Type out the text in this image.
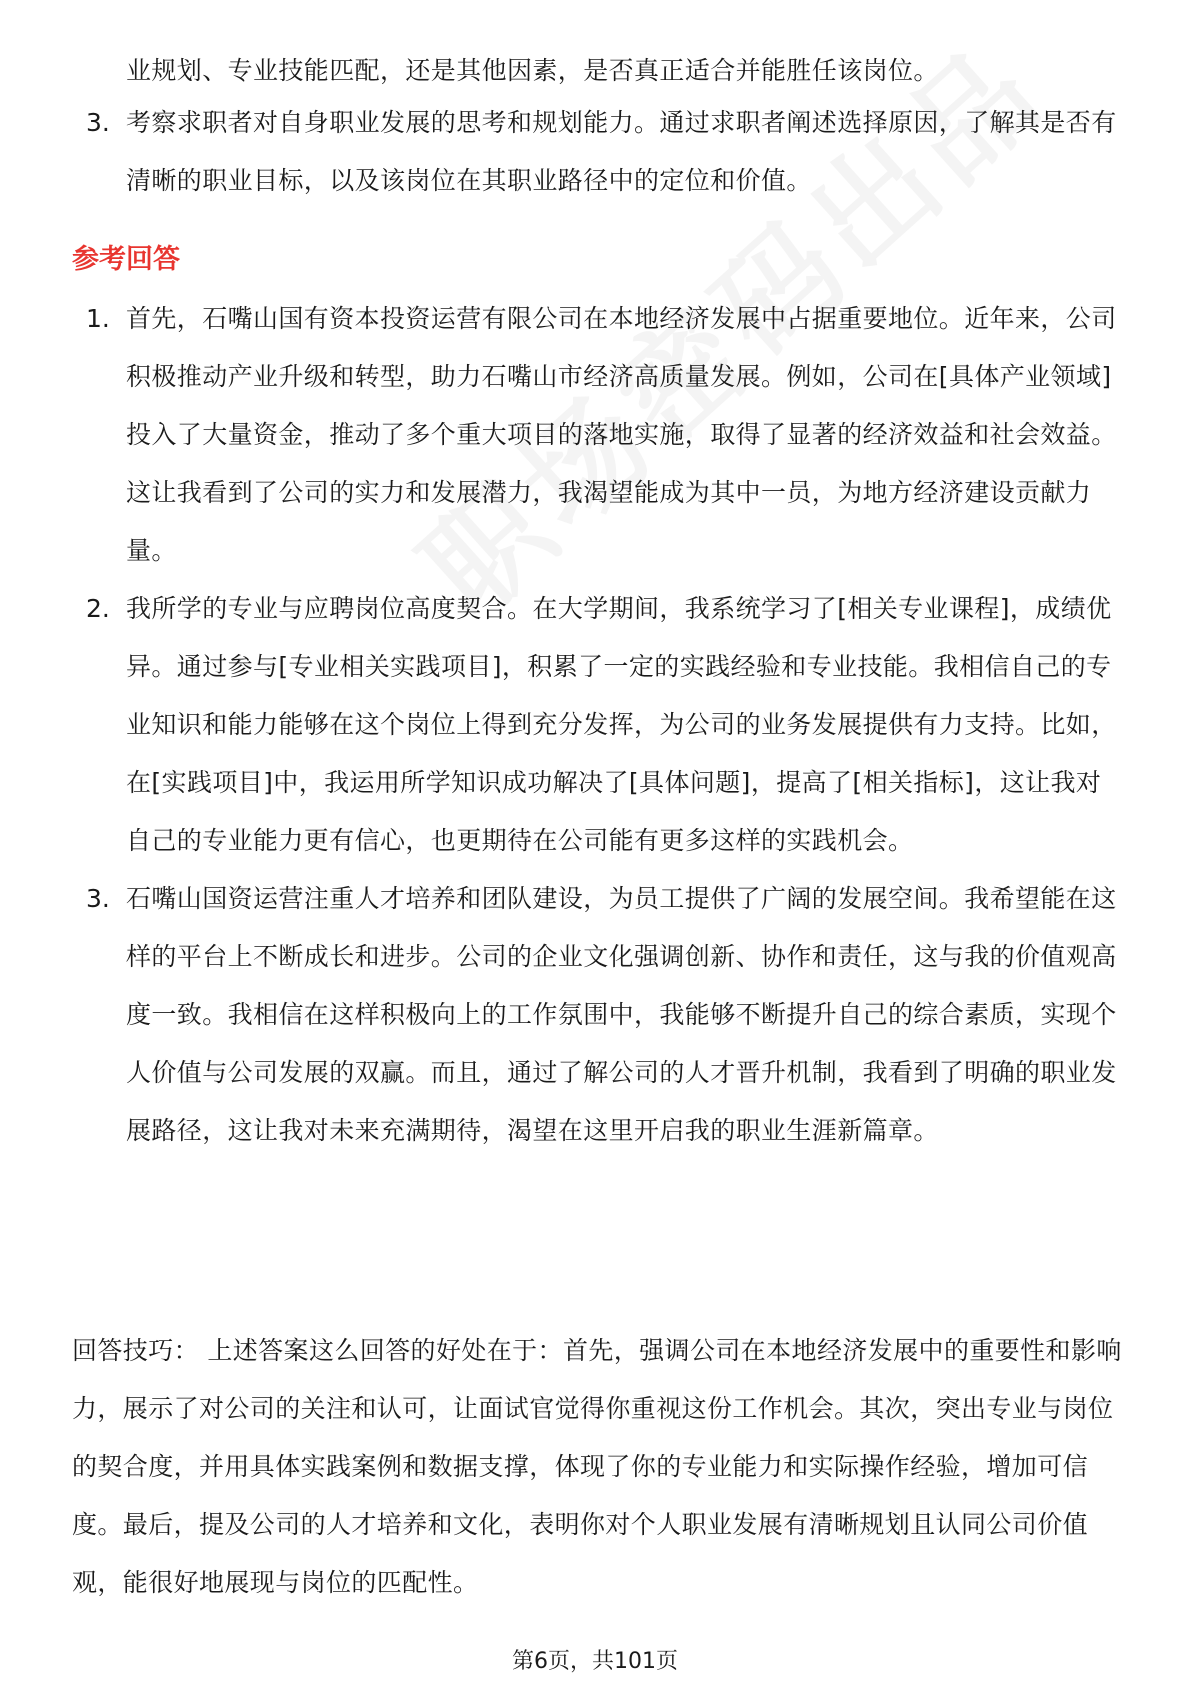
业规划、专业技能匹配，还是其他因素，是否真正适合并能胜任该岗位。
3. 考察求职者对自身职业发展的思考和规划能力。通过求职者阐述选择原因，了解其是否有清晰的职业目标，以及该岗位在其职业路径中的定位和价值。
参考回答
1. 首先，石嘴山国有资本投资运营有限公司在本地经济发展中占据重要地位。近年来，公司积极推动产业升级和转型，助力石嘴山市经济高质量发展。例如，公司在[具体产业领域]投入了大量资金，推动了多个重大项目的落地实施，取得了显著的经济效益和社会效益。这让我看到了公司的实力和发展潜力，我渴望能成为其中一员，为地方经济建设贡献力量。
2. 我所学的专业与应聘岗位高度契合。在大学期间，我系统学习了[相关专业课程]，成绩优异。通过参与[专业相关实践项目]，积累了一定的实践经验和专业技能。我相信自己的专业知识和能力能够在这个岗位上得到充分发挥，为公司的业务发展提供有力支持。比如，在[实践项目]中，我运用所学知识成功解决了[具体问题]，提高了[相关指标]，这让我对自己的专业能力更有信心，也更期待在公司能有更多这样的实践机会。
3. 石嘴山国资运营注重人才培养和团队建设，为员工提供了广阔的发展空间。我希望能在这样的平台上不断成长和进步。公司的企业文化强调创新、协作和责任，这与我的价值观高度一致。我相信在这样积极向上的工作氛围中，我能够不断提升自己的综合素质，实现个人价值与公司发展的双赢。而且，通过了解公司的人才晋升机制，我看到了明确的职业发展路径，这让我对未来充满期待，渴望在这里开启我的职业生涯新篇章。

回答技巧： 上述答案这么回答的好处在于：首先，强调公司在本地经济发展中的重要性和影响力，展示了对公司的关注和认可，让面试官觉得你重视这份工作机会。其次，突出专业与岗位的契合度，并用具体实践案例和数据支撑，体现了你的专业能力和实际操作经验，增加可信度。最后，提及公司的人才培养和文化，表明你对个人职业发展有清晰规划且认同公司价值观，能很好地展现与岗位的匹配性。

第6页，共101页
